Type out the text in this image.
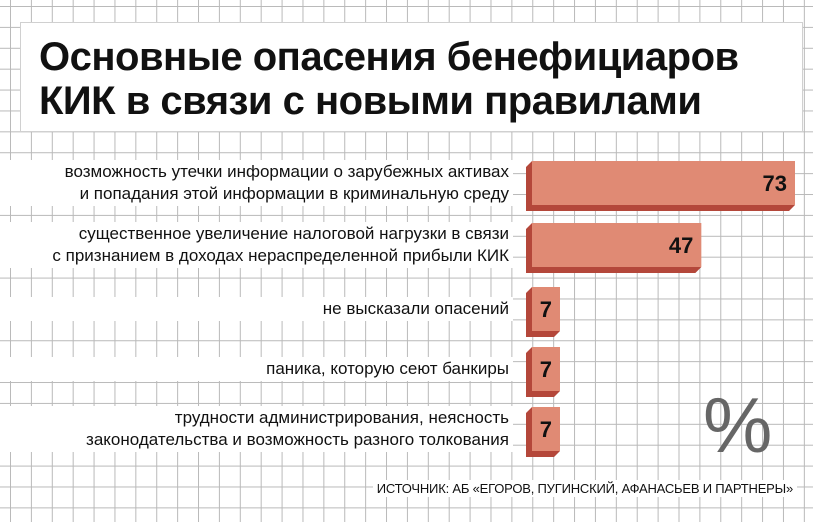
Основные опасения бенефициаров КИК в связи с новыми правилами
73
47
7
7
7
возможность утечки информации о зарубежных активах
и попадания этой информации в криминальную среду
существенное увеличение налоговой нагрузки в связи
с признанием в доходах нераспределенной прибыли КИК
не высказали опасений
паника, которую сеют банкиры
трудности администрирования, неясность
законодательства и возможность разного толкования %
ИСТОЧНИК: АБ «ЕГОРОВ, ПУГИНСКИЙ, АФАНАСЬЕВ И ПАРТНЕРЫ»
